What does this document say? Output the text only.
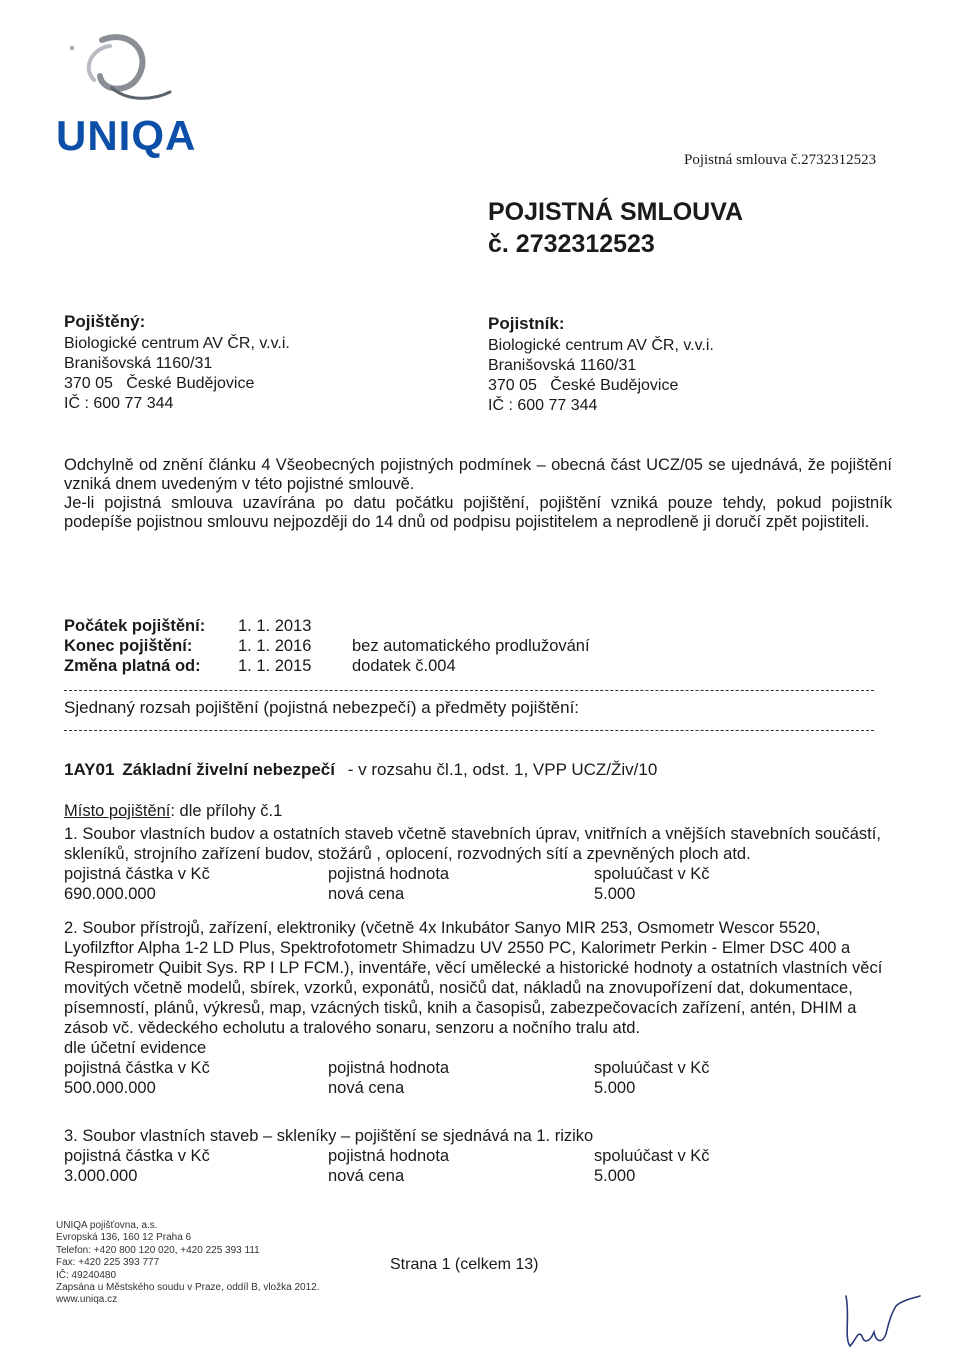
UNIQA
Pojistná smlouva č.2732312523
POJISTNÁ SMLOUVA
č. 2732312523
Pojištěný:
Biologické centrum AV ČR, v.v.i.
Branišovská 1160/31
370 05   České Budějovice
IČ : 600 77 344
Pojistník:
Biologické centrum AV ČR, v.v.i.
Branišovská 1160/31
370 05   České Budějovice
IČ : 600 77 344
Odchylně od znění článku 4 Všeobecných pojistných podmínek – obecná část UCZ/05 se ujednává, že pojištění vzniká dnem uvedeným v této pojistné smlouvě.
Je-li pojistná smlouva uzavírána po datu počátku pojištění, pojištění vzniká pouze tehdy, pokud pojistník podepíše pojistnou smlouvu nejpozději do 14 dnů od podpisu pojistitelem a neprodleně ji doručí zpět pojistiteli.
Počátek pojištění:	1. 1. 2013
Konec pojištění:	1. 1. 2016	bez automatického prodlužování
Změna platná od:	1. 1. 2015	dodatek č.004
Sjednaný rozsah pojištění (pojistná nebezpečí) a předměty pojištění:
1AY01 Základní živelní nebezpečí - v rozsahu čl.1, odst. 1, VPP UCZ/Živ/10
Místo pojištění: dle přílohy č.1

1. Soubor vlastních budov a ostatních staveb včetně stavebních úprav, vnitřních a vnějších stavebních součástí, skleníků, strojního zařízení budov, stožárů , oplocení, rozvodných sítí a zpevněných ploch atd.

pojistná částka v Kč	pojistná hodnota	spoluúčast v Kč
690.000.000	nová cena	5.000

2. Soubor přístrojů, zařízení, elektroniky (včetně 4x Inkubátor Sanyo MIR 253, Osmometr Wescor 5520, Lyofilzftor Alpha 1-2 LD Plus, Spektrofotometr Shimadzu UV 2550 PC, Kalorimetr Perkin - Elmer DSC 400 a Respirometr Quibit Sys. RP I LP FCM.), inventáře, věcí umělecké a historické hodnoty a ostatních vlastních věcí movitých včetně modelů, sbírek, vzorků, exponátů, nosičů dat, nákladů na znovupořízení dat, dokumentace, písemností, plánů, výkresů, map, vzácných tisků, knih a časopisů, zabezpečovacích zařízení, antén, DHIM a zásob vč. vědeckého echolutu a tralového sonaru, senzoru a nočního tralu atd.

dle účetní evidence

pojistná částka v Kč	pojistná hodnota	spoluúčast v Kč
500.000.000	nová cena	5.000

3. Soubor vlastních staveb – skleníky – pojištění se sjednává na 1. riziko

pojistná částka v Kč	pojistná hodnota	spoluúčast v Kč
3.000.000	nová cena	5.000
UNIQA pojišťovna, a.s.
Evropská 136, 160 12 Praha 6
Telefon: +420 800 120 020, +420 225 393 111
Fax: +420 225 393 777
IČ: 49240480
Zapsána u Městského soudu v Praze, oddíl B, vložka 2012.
www.uniqa.cz
Strana 1 (celkem 13)
